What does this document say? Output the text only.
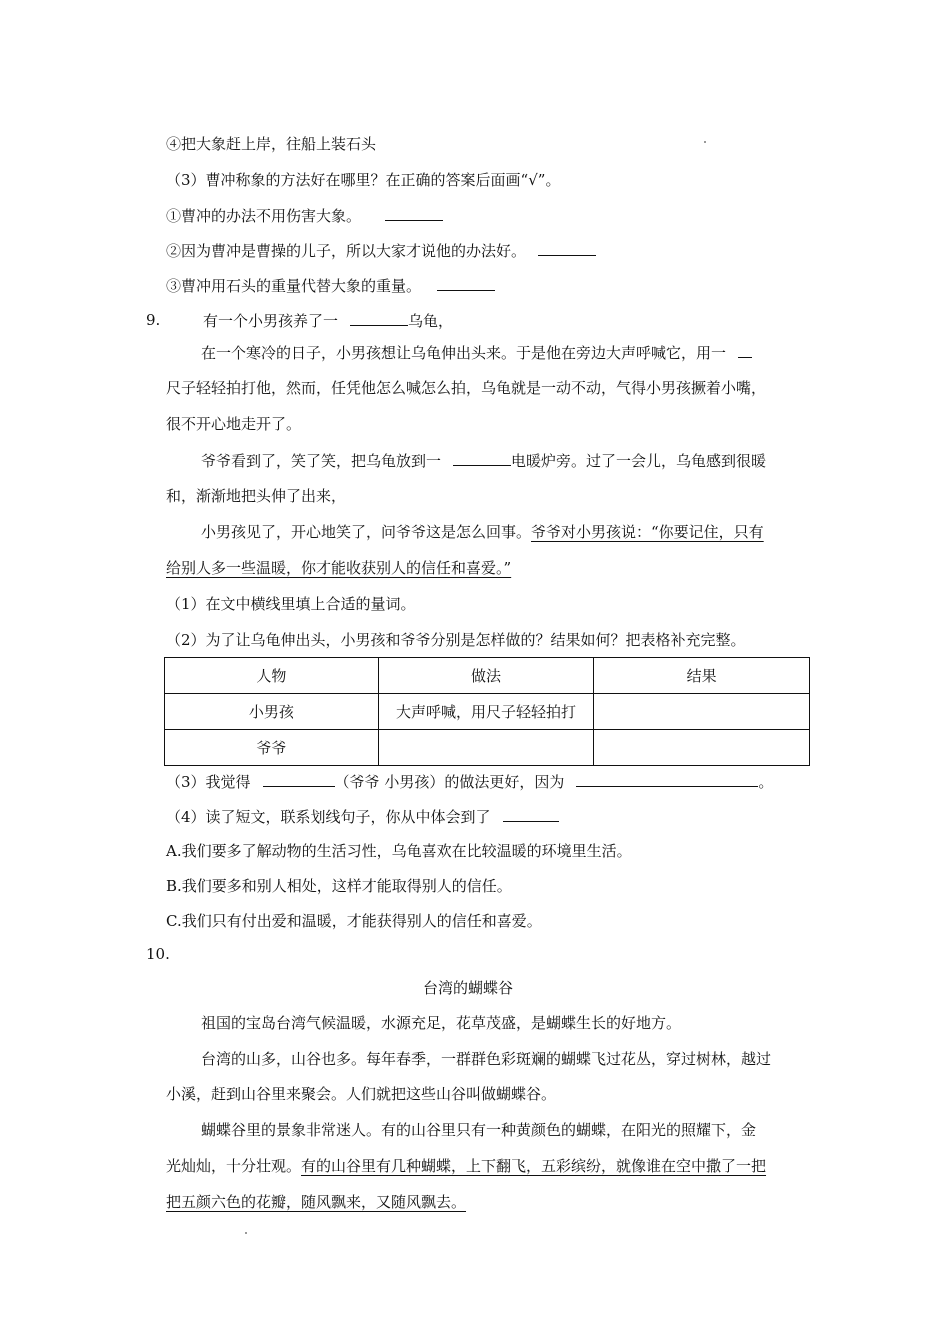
④把大象赶上岸，往船上装石头
（3）曹冲称象的方法好在哪里？在正确的答案后面画“√”。
①曹冲的办法不用伤害大象。
②因为曹冲是曹操的儿子，所以大家才说他的办法好。
③曹冲用石头的重量代替大象的重量。
9.	有一个小男孩养了一	乌龟，
在一个寒冷的日子，小男孩想让乌龟伸出头来。于是他在旁边大声呼喊它，用一
尺子轻轻拍打他，然而，任凭他怎么喊怎么拍，乌龟就是一动不动，气得小男孩撅着小嘴，
很不开心地走开了。
爷爷看到了，笑了笑，把乌龟放到一	电暖炉旁。过了一会儿，乌龟感到很暖
和，渐渐地把头伸了出来，
小男孩见了，开心地笑了，问爷爷这是怎么回事。爷爷对小男孩说：“你要记住，只有
给别人多一些温暖，你才能收获别人的信任和喜爱。”
（1）在文中横线里填上合适的量词。
（2）为了让乌龟伸出头，小男孩和爷爷分别是怎样做的？结果如何？把表格补充完整。
人物	做法	结果
小男孩	大声呼喊，用尺子轻轻拍打	
爷爷		
（3）我觉得	（爷爷 小男孩）的做法更好，因为	。
（4）读了短文，联系划线句子，你从中体会到了
A.我们要多了解动物的生活习性，乌龟喜欢在比较温暖的环境里生活。
B.我们要多和别人相处，这样才能取得别人的信任。
C.我们只有付出爱和温暖，才能获得别人的信任和喜爱。
10.
台湾的蝴蝶谷
祖国的宝岛台湾气候温暖，水源充足，花草茂盛，是蝴蝶生长的好地方。
台湾的山多，山谷也多。每年春季，一群群色彩斑斓的蝴蝶飞过花丛，穿过树林，越过
小溪，赶到山谷里来聚会。人们就把这些山谷叫做蝴蝶谷。
蝴蝶谷里的景象非常迷人。有的山谷里只有一种黄颜色的蝴蝶，在阳光的照耀下，金
光灿灿，十分壮观。有的山谷里有几种蝴蝶，上下翻飞，五彩缤纷，就像谁在空中撒了一把
把五颜六色的花瓣，随风飘来，又随风飘去。
